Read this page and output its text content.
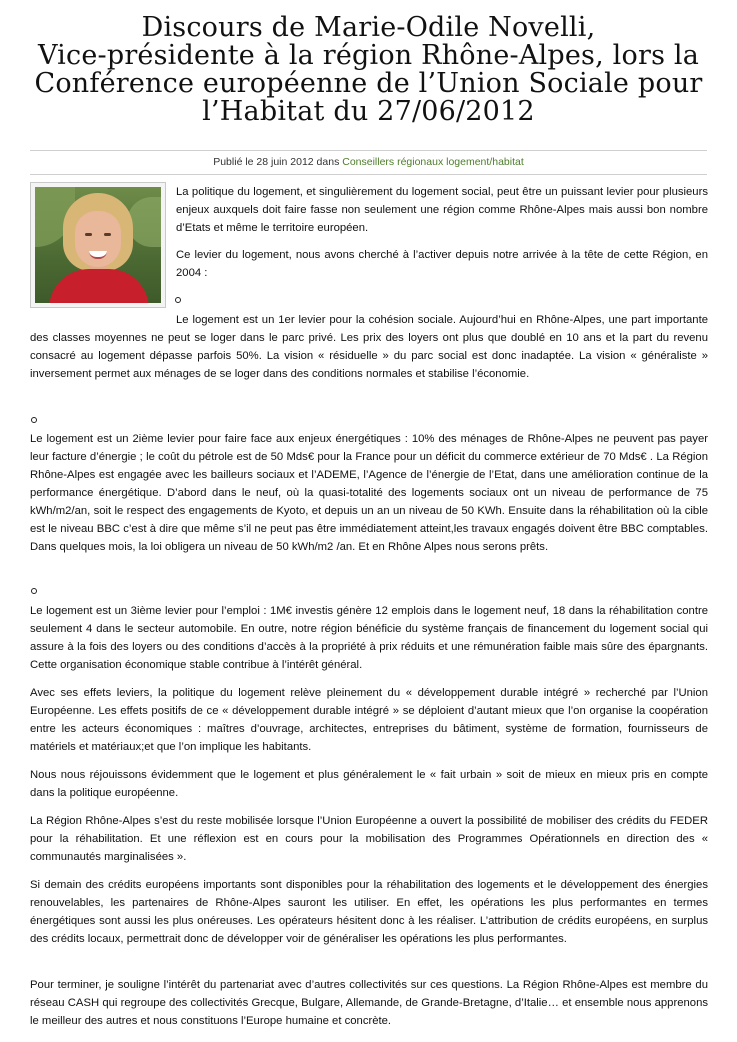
Discours de Marie-Odile Novelli,
Vice-présidente à la région Rhône-Alpes, lors la
Conférence européenne de l’Union Sociale pour
l’Habitat du 27/06/2012
Publié le 28 juin 2012 dans Conseillers régionaux logement/habitat

La politique du logement, et singulièrement du logement social, peut être un puissant levier pour plusieurs enjeux auxquels doit faire fasse non seulement une région comme Rhône-Alpes mais aussi bon nombre d’Etats et même le territoire européen.

Ce levier du logement, nous avons cherché à l’activer depuis notre arrivée à la tête de cette Région, en 2004 :

Le logement est un 1er levier pour la cohésion sociale. Aujourd’hui en Rhône-Alpes, une part importante des classes moyennes ne peut se loger dans le parc privé. Les prix des loyers ont plus que doublé en 10 ans et la part du revenu consacré au logement dépasse parfois 50%. La vision « résiduelle » du parc social est donc inadaptée. La vision « généraliste » inversement permet aux ménages de se loger dans des conditions normales et stabilise l’économie.

Le logement est un 2ième levier pour faire face aux enjeux énergétiques : 10% des ménages de Rhône-Alpes ne peuvent pas payer leur facture d’énergie ; le coût du pétrole est de 50 Mds€ pour la France pour un déficit du commerce extérieur de 70 Mds€ . La Région Rhône-Alpes est engagée avec les bailleurs sociaux et l’ADEME, l’Agence de l’énergie de l’Etat, dans une amélioration continue de la performance énergétique. D’abord dans le neuf, où la quasi-totalité des logements sociaux ont un niveau de performance de 75 kWh/m2/an, soit le respect des engagements de Kyoto, et depuis un an un niveau de 50 KWh. Ensuite dans la réhabilitation où la cible est le niveau BBC c’est à dire que même s’il ne peut pas être immédiatement atteint,les travaux engagés doivent être BBC comptables. Dans quelques mois, la loi obligera un niveau de 50 kWh/m2 /an. Et en Rhône Alpes nous serons prêts.

Le logement est un 3ième levier pour l’emploi : 1M€ investis génère 12 emplois dans le logement neuf, 18 dans la réhabilitation contre seulement 4 dans le secteur automobile. En outre, notre région bénéficie du système français de financement du logement social qui assure à la fois des loyers ou des conditions d’accès à la propriété à prix réduits et une rémunération faible mais sûre des épargnants. Cette organisation économique stable contribue à l’intérêt général.

Avec ses effets leviers, la politique du logement relève pleinement du « développement durable intégré » recherché par l’Union Européenne. Les effets positifs de ce « développement durable intégré » se déploient d’autant mieux que l’on organise la coopération entre les acteurs économiques : maîtres d’ouvrage, architectes, entreprises du bâtiment, système de formation, fournisseurs de matériels et matériaux;et que l’on implique les habitants.

Nous nous réjouissons évidemment que le logement et plus généralement le « fait urbain » soit de mieux en mieux pris en compte dans la politique européenne.

La Région Rhône-Alpes s’est du reste mobilisée lorsque l’Union Européenne a ouvert la possibilité de mobiliser des crédits du FEDER pour la réhabilitation. Et une réflexion est en cours pour la mobilisation des Programmes Opérationnels en direction des « communautés marginalisées ».

Si demain des crédits européens importants sont disponibles pour la réhabilitation des logements et le développement des énergies renouvelables, les partenaires de Rhône-Alpes sauront les utiliser. En effet, les opérations les plus performantes en termes énergétiques sont aussi les plus onéreuses. Les opérateurs hésitent donc à les réaliser. L’attribution de crédits européens, en surplus des crédits locaux, permettrait donc de développer voir de généraliser les opérations les plus performantes.

Pour terminer, je souligne l’intérêt du partenariat avec d’autres collectivités sur ces questions. La Région Rhône-Alpes est membre du réseau CASH qui regroupe des collectivités Grecque, Bulgare, Allemande, de Grande-Bretagne, d’Italie… et ensemble nous apprenons le meilleur des autres et nous constituons l’Europe humaine et concrète.
